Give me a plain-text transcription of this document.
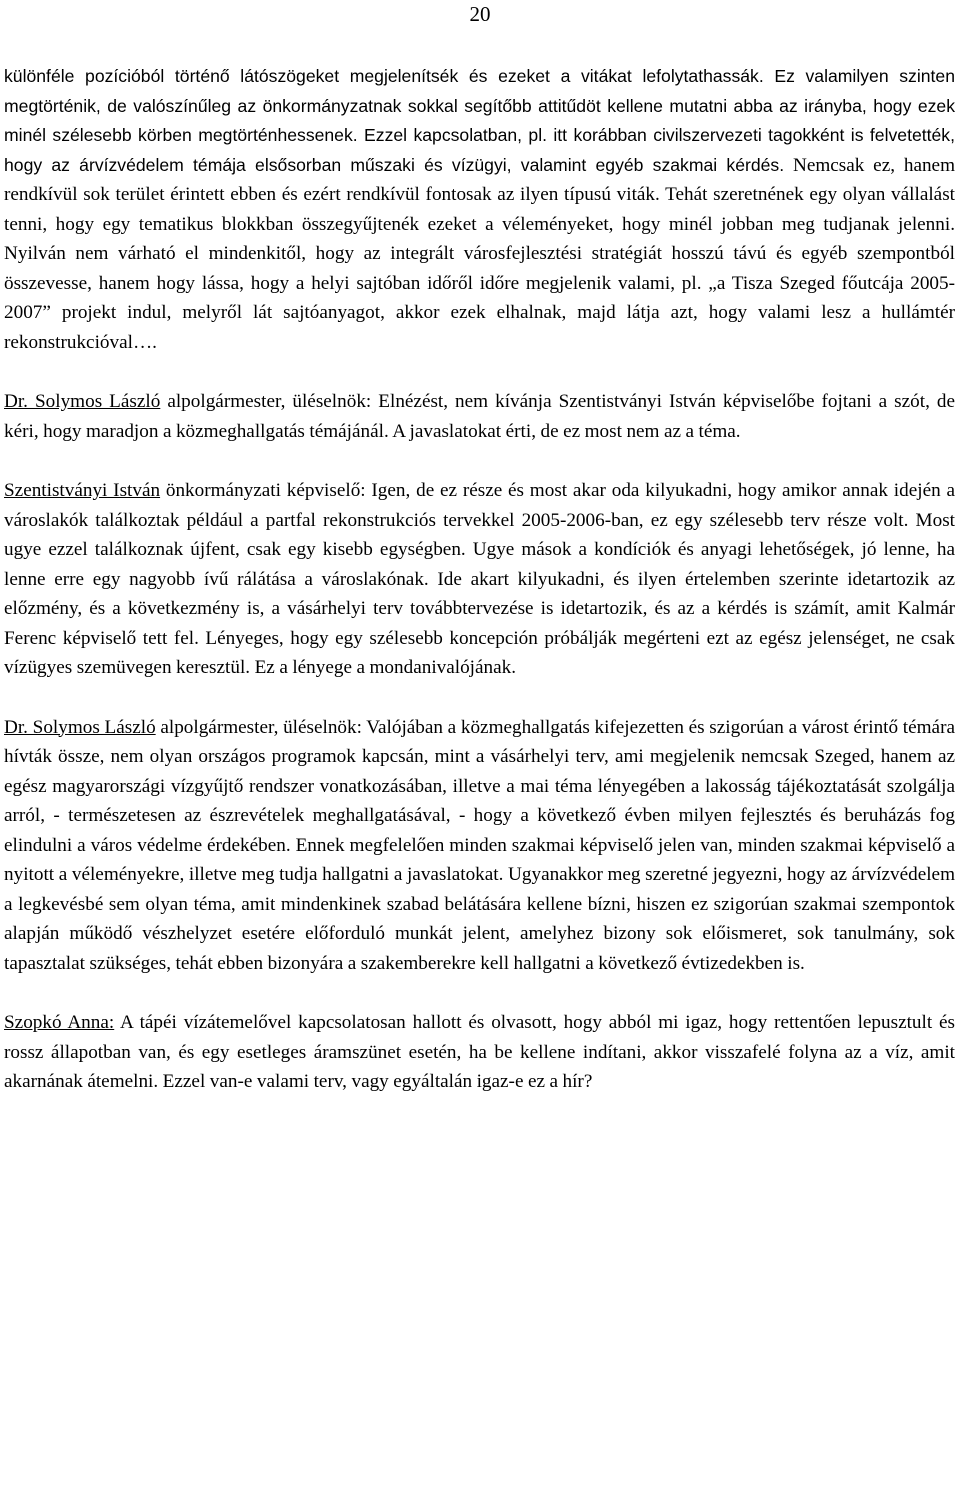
20

különféle pozícióból történő látószögeket megjelenítsék és ezeket a vitákat lefolytathassák. Ez valamilyen szinten megtörténik, de valószínűleg az önkormányzatnak sokkal segítőbb attitűdöt kellene mutatni abba az irányba, hogy ezek minél szélesebb körben megtörténhessenek. Ezzel kapcsolatban, pl. itt korábban civilszervezeti tagokként is felvetették, hogy az árvízvédelem témája elsősorban műszaki és vízügyi, valamint egyéb szakmai kérdés. Nemcsak ez, hanem rendkívül sok terület érintett ebben és ezért rendkívül fontosak az ilyen típusú viták. Tehát szeretnének egy olyan vállalást tenni, hogy egy tematikus blokkban összegyűjtenék ezeket a véleményeket, hogy minél jobban meg tudjanak jelenni. Nyilván nem várható el mindenkitől, hogy az integrált városfejlesztési stratégiát hosszú távú és egyéb szempontból összevesse, hanem hogy lássa, hogy a helyi sajtóban időről időre megjelenik valami, pl. „a Tisza Szeged főutcája 2005-2007” projekt indul, melyről lát sajtóanyagot, akkor ezek elhalnak, majd látja azt, hogy valami lesz a hullámtér rekonstrukcióval….

Dr. Solymos László alpolgármester, üléselnök: Elnézést, nem kívánja Szentistványi István képviselőbe fojtani a szót, de kéri, hogy maradjon a közmeghallgatás témájánál. A javaslatokat érti, de ez most nem az a téma.

Szentistványi István önkormányzati képviselő: Igen, de ez része és most akar oda kilyukadni, hogy amikor annak idején a városlakók találkoztak például a partfal rekonstrukciós tervekkel 2005-2006-ban, ez egy szélesebb terv része volt. Most ugye ezzel találkoznak újfent, csak egy kisebb egységben. Ugye mások a kondíciók és anyagi lehetőségek, jó lenne, ha lenne erre egy nagyobb ívű rálátása a városlakónak. Ide akart kilyukadni, és ilyen értelemben szerinte idetartozik az előzmény, és a következmény is, a vásárhelyi terv továbbtervezése is idetartozik, és az a kérdés is számít, amit Kalmár Ferenc képviselő tett fel. Lényeges, hogy egy szélesebb koncepción próbálják megérteni ezt az egész jelenséget, ne csak vízügyes szemüvegen keresztül. Ez a lényege a mondanivalójának.

Dr. Solymos László alpolgármester, üléselnök: Valójában a közmeghallgatás kifejezetten és szigorúan a várost érintő témára hívták össze, nem olyan országos programok kapcsán, mint a vásárhelyi terv, ami megjelenik nemcsak Szeged, hanem az egész magyarországi vízgyűjtő rendszer vonatkozásában, illetve a mai téma lényegében a lakosság tájékoztatását szolgálja arról, - természetesen az észrevételek meghallgatásával, - hogy a következő évben milyen fejlesztés és beruházás fog elindulni a város védelme érdekében. Ennek megfelelően minden szakmai képviselő jelen van, minden szakmai képviselő a nyitott a véleményekre, illetve meg tudja hallgatni a javaslatokat. Ugyanakkor meg szeretné jegyezni, hogy az árvízvédelem a legkevésbé sem olyan téma, amit mindenkinek szabad belátására kellene bízni, hiszen ez szigorúan szakmai szempontok alapján működő vészhelyzet esetére előforduló munkát jelent, amelyhez bizony sok előismeret, sok tanulmány, sok tapasztalat szükséges, tehát ebben bizonyára a szakemberekre kell hallgatni a következő évtizedekben is.

Szopkó Anna: A tápéi vízátemelővel kapcsolatosan hallott és olvasott, hogy abból mi igaz, hogy rettentően lepusztult és rossz állapotban van, és egy esetleges áramszünet esetén, ha be kellene indítani, akkor visszafelé folyna az a víz, amit akarnának átemelni. Ezzel van-e valami terv, vagy egyáltalán igaz-e ez a hír?
